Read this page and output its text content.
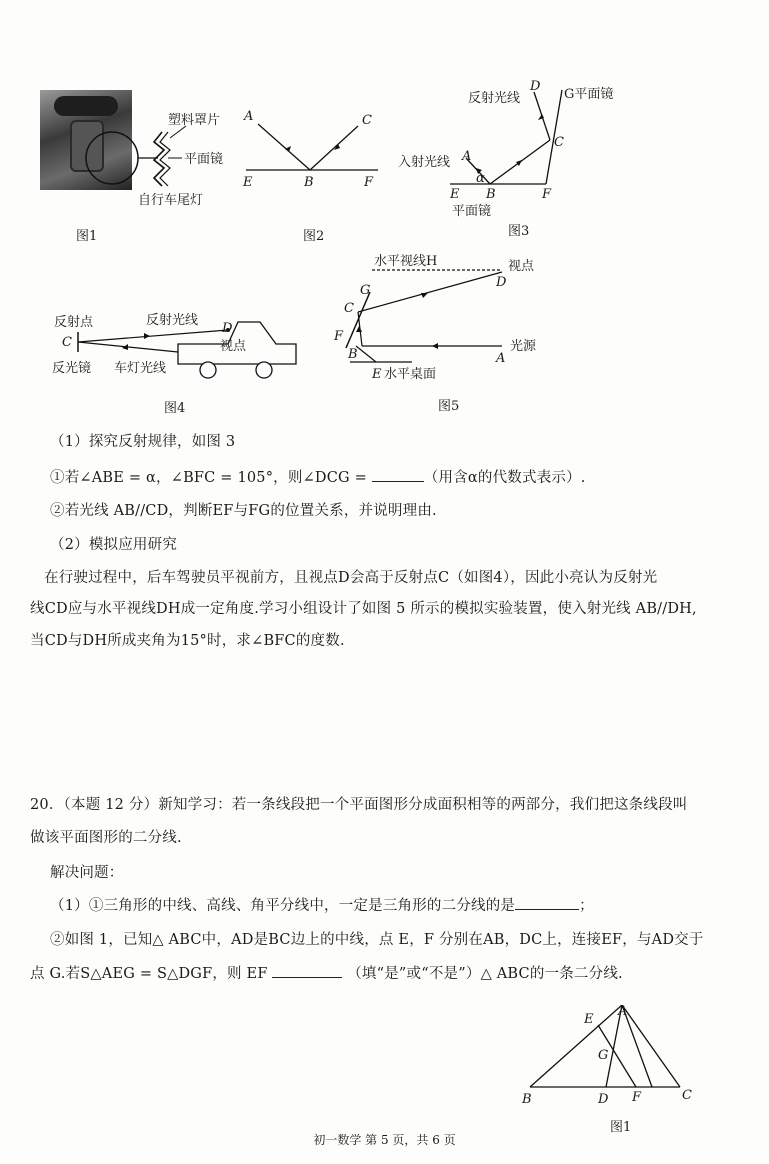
塑料罩片
平面镜
自行车尾灯
图1
A	C
E	B	F
图2
反射光线
D
G平面镜
入射光线 A
C
α
E B	F
平面镜
图3
反射点
C
反射光线
D
视点
反光镜 车灯光线
图4
水平视线H	视点
D
G
C
F
B
光源
A
E 水平桌面
图5
（1）探究反射规律，如图 3
①若∠ABE = α，∠BFC = 105°，则∠DCG =	（用含α的代数式表示）.
②若光线 AB//CD，判断EF与FG的位置关系，并说明理由.
（2）模拟应用研究
在行驶过程中，后车驾驶员平视前方，且视点D会高于反射点C（如图4），因此小亮认为反射光
线CD应与水平视线DH成一定角度.学习小组设计了如图 5 所示的模拟实验装置，使入射光线 AB//DH,
当CD与DH所成夹角为15°时，求∠BFC的度数.
20．（本题 12 分）新知学习：若一条线段把一个平面图形分成面积相等的两部分，我们把这条线段叫
做该平面图形的二分线.
解决问题：
（1）①三角形的中线、高线、角平分线中，一定是三角形的二分线的是	；
②如图 1，已知△ ABC中，AD是BC边上的中线，点 E，F 分别在AB，DC上，连接EF，与AD交于
点 G.若S△AEG = S△DGF，则 EF	（填“是”或“不是”）△ ABC的一条二分线.
A
E
G
B	D F	C
图1
初一数学 第 5 页，共 6 页
